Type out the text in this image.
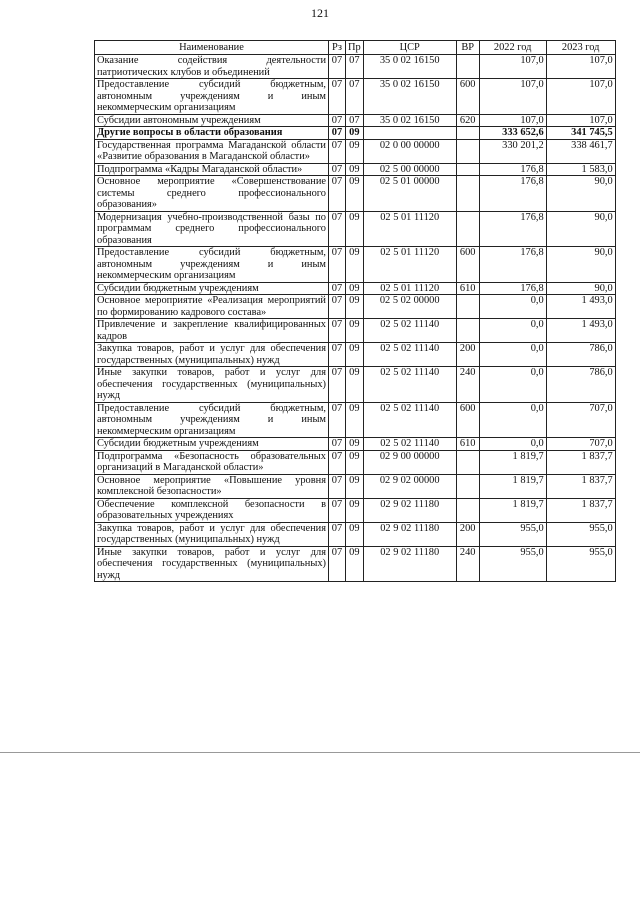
121
Наименование	Рз	Пр	ЦСР	ВР	2022 год	2023 год
Оказание содействия деятельности патриотических клубов и объединений	07	07	35 0 02 16150		107,0	107,0
Предоставление субсидий бюджетным, автономным учреждениям и иным некоммерческим организациям	07	07	35 0 02 16150	600	107,0	107,0
Субсидии автономным учреждениям	07	07	35 0 02 16150	620	107,0	107,0
Другие вопросы в области образования	07	09			333 652,6	341 745,5
Государственная программа Магаданской области «Развитие образования в Магаданской области»	07	09	02 0 00 00000		330 201,2	338 461,7
Подпрограмма «Кадры Магаданской области»	07	09	02 5 00 00000		176,8	1 583,0
Основное мероприятие «Совершенствование системы среднего профессионального образования»	07	09	02 5 01 00000		176,8	90,0
Модернизация учебно-производственной базы по программам среднего профессионального образования	07	09	02 5 01 11120		176,8	90,0
Предоставление субсидий бюджетным, автономным учреждениям и иным некоммерческим организациям	07	09	02 5 01 11120	600	176,8	90,0
Субсидии бюджетным учреждениям	07	09	02 5 01 11120	610	176,8	90,0
Основное мероприятие «Реализация мероприятий по формированию кадрового состава»	07	09	02 5 02 00000		0,0	1 493,0
Привлечение и закрепление квалифицированных кадров	07	09	02 5 02 11140		0,0	1 493,0
Закупка товаров, работ и услуг для обеспечения государственных (муниципальных) нужд	07	09	02 5 02 11140	200	0,0	786,0
Иные закупки товаров, работ и услуг для обеспечения государственных (муниципальных) нужд	07	09	02 5 02 11140	240	0,0	786,0
Предоставление субсидий бюджетным, автономным учреждениям и иным некоммерческим организациям	07	09	02 5 02 11140	600	0,0	707,0
Субсидии бюджетным учреждениям	07	09	02 5 02 11140	610	0,0	707,0
Подпрограмма «Безопасность образовательных организаций в Магаданской области»	07	09	02 9 00 00000		1 819,7	1 837,7
Основное мероприятие «Повышение уровня комплексной безопасности»	07	09	02 9 02 00000		1 819,7	1 837,7
Обеспечение комплексной безопасности в образовательных учреждениях	07	09	02 9 02 11180		1 819,7	1 837,7
Закупка товаров, работ и услуг для обеспечения государственных (муниципальных) нужд	07	09	02 9 02 11180	200	955,0	955,0
Иные закупки товаров, работ и услуг для обеспечения государственных (муниципальных) нужд	07	09	02 9 02 11180	240	955,0	955,0
